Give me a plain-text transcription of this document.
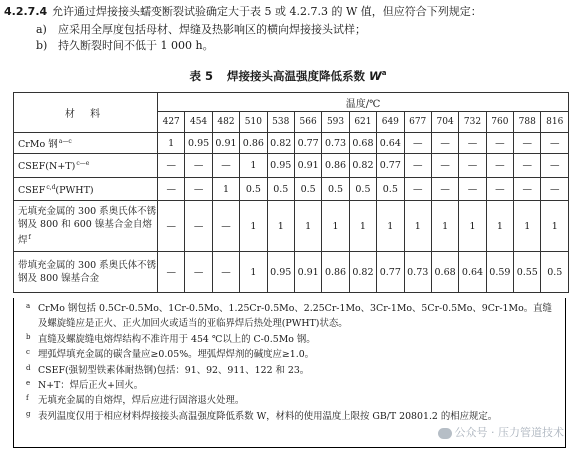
4.2.7.4 允许通过焊接接头蠕变断裂试验确定大于表 5 或 4.2.7.3 的 W 值，但应符合下列规定：
a) 应采用全厚度包括母材、焊缝及热影响区的横向焊接接头试样；
b) 持久断裂时间不低于 1 000 h。
表 5 焊接接头高温强度降低系数 $W^a$
材 料	温度/℃														
	427	454	482	510	538	566	593	621	649	677	704	732	760	788	816
CrMo 钢$^{a—c}$	1	0.95	0.91	0.86	0.82	0.77	0.73	0.68	0.64	—	—	—	—	—	—
$CSEF(N+T)^{c—e}$	—	—	—	1	0.95	0.91	0.86	0.82	0.77	—	—	—	—	—	—
CSEF$^{c,d}$(PWHT)	—	—	1	0.5	0.5	0.5	0.5	0.5	0.5	—	—	—	—	—	—
无填充金属的 300 系奥氏体不锈钢及 800 和 600 镍基合金自熔焊$^f$	—	—	—	1	1	1	1	1	1	1	1	1	1	1	1
带填充金属的 300 系奥氏体不锈钢及 800 镍基合金	—	—	—	1	0.95	0.91	0.86	0.82	0.77	0.73	0.68	0.64	0.59	0.55	0.5
a CrMo 钢包括 0.5Cr-0.5Mo、1Cr-0.5Mo、1.25Cr-0.5Mo、2.25Cr-1Mo、3Cr-1Mo、5Cr-0.5Mo、9Cr-1Mo。直缝及螺旋缝应是正火、正火加回火或适当的亚临界焊后热处理(PWHT)状态。
b 直缝及螺旋缝电熔焊结构不准许用于 454 ℃以上的 C-0.5Mo 钢。
c 埋弧焊填充金属的碳含量应≥0.05%。埋弧焊焊剂的碱度应≥1.0。
d CSEF(强韧型铁素体耐热钢)包括：91、92、911、122 和 23。
e N+T：焊后正火+回火。
f 无填充金属的自熔焊，焊后应进行固溶退火处理。
g 表列温度仅用于相应材料焊接接头高温强度降低系数 W，材料的使用温度上限按 GB/T 20801.2 的相应规定。
公众号 · 压力管道技术
